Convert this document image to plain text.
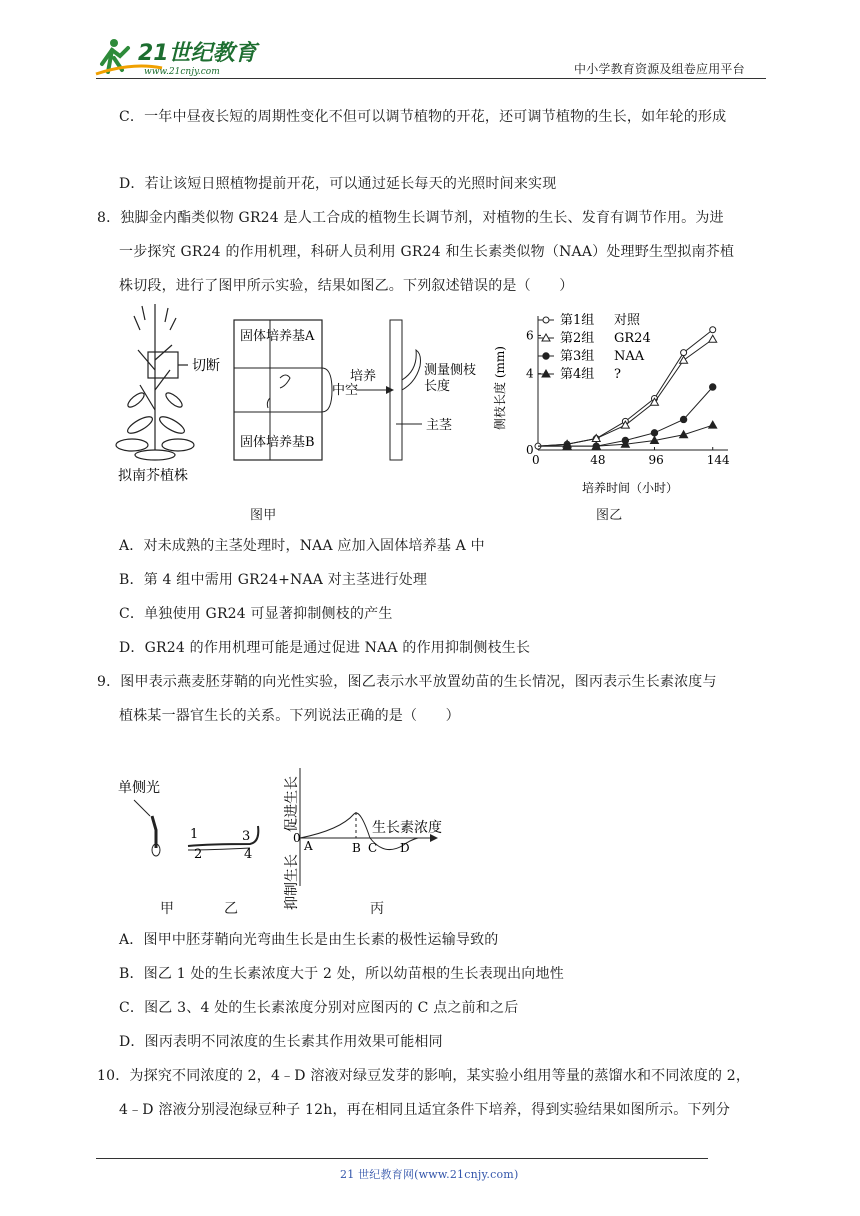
21世纪教育
www.21cnjy.com	中小学教育资源及组卷应用平台
C．一年中昼夜长短的周期性变化不但可以调节植物的开花，还可调节植物的生长，如年轮的形成
D．若让该短日照植物提前开花，可以通过延长每天的光照时间来实现
8．独脚金内酯类似物 GR24 是人工合成的植物生长调节剂，对植物的生长、发育有调节作用。为进
一步探究 GR24 的作用机理，科研人员利用 GR24 和生长素类似物（NAA）处理野生型拟南芥植
株切段，进行了图甲所示实验，结果如图乙。下列叙述错误的是（　　）
拟南芥植株
切断
固体培养基A
固体培养基B
中空
培养	测量侧枝
长度
主茎
图甲
侧枝长度 (mm)
培养时间（小时）
第1组 对照
第2组 GR24
第3组 NAA
第4组 ?
0	48	96	144
0
4
6
图乙
A．对未成熟的主茎处理时，NAA 应加入固体培养基 A 中
B．第 4 组中需用 GR24+NAA 对主茎进行处理
C．单独使用 GR24 可显著抑制侧枝的产生
D．GR24 的作用机理可能是通过促进 NAA 的作用抑制侧枝生长
9．图甲表示燕麦胚芽鞘的向光性实验，图乙表示水平放置幼苗的生长情况，图丙表示生长素浓度与
植株某一器官生长的关系。下列说法正确的是（　　）
单侧光
1
2
3
4
0
A	B C D
生长素浓度
促进生长
抑制生长
甲	乙	丙
A．图甲中胚芽鞘向光弯曲生长是由生长素的极性运输导致的
B．图乙 1 处的生长素浓度大于 2 处，所以幼苗根的生长表现出向地性
C．图乙 3、4 处的生长素浓度分别对应图丙的 C 点之前和之后
D．图丙表明不同浓度的生长素其作用效果可能相同
10．为探究不同浓度的 2，4﹣D 溶液对绿豆发芽的影响，某实验小组用等量的蒸馏水和不同浓度的 2，
4﹣D 溶液分别浸泡绿豆种子 12h，再在相同且适宜条件下培养，得到实验结果如图所示。下列分
21 世纪教育网(www.21cnjy.com)
